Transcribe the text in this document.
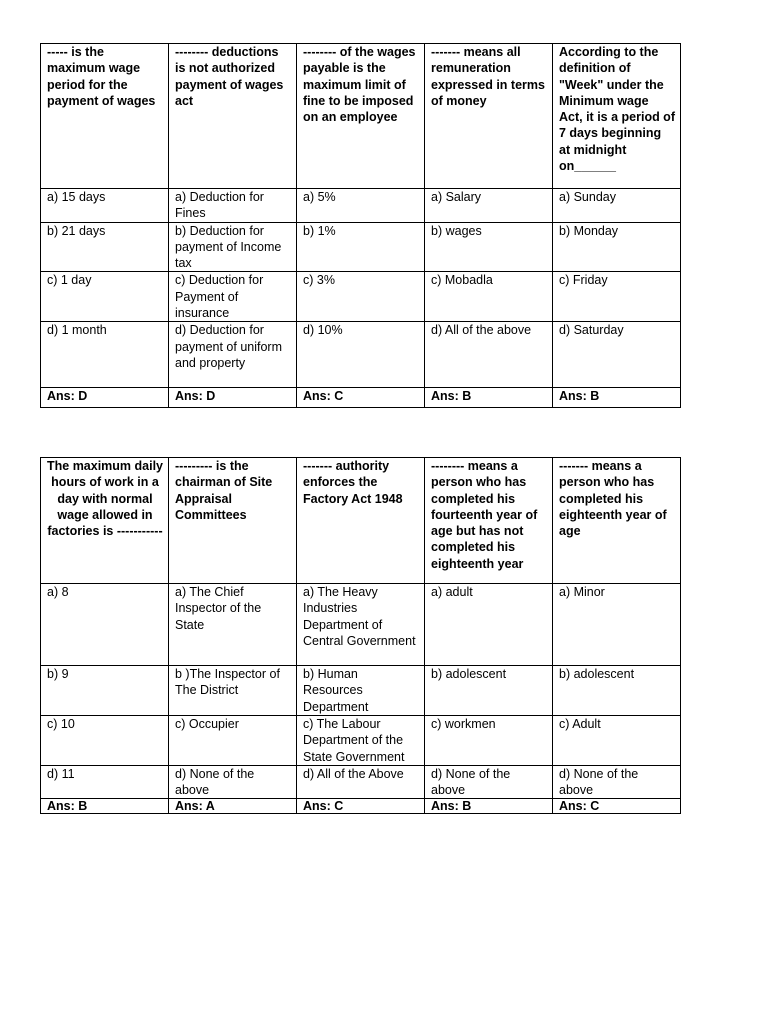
----- is the maximum wage period for the payment of wages	-------- deductions is not authorized payment of wages act	-------- of the wages payable is the maximum limit of fine to be imposed on an employee	------- means all remuneration expressed in terms of money	According to the definition of "Week" under the Minimum wage Act, it is a period of 7 days beginning at midnight on______
a) 15 days	a) Deduction for Fines	a) 5%	a) Salary	a) Sunday
b) 21 days	b) Deduction for payment of Income tax	b) 1%	b) wages	b) Monday
c) 1 day	c) Deduction for Payment of insurance	c) 3%	c) Mobadla	c) Friday
d) 1 month	d) Deduction for payment of uniform and property	d) 10%	d) All of the above	d) Saturday
Ans: D	Ans: D	Ans: C	Ans: B	Ans: B
The maximum daily hours of work in a day with normal wage allowed in factories is -----------	--------- is the chairman of Site Appraisal Committees	------- authority enforces the Factory Act 1948	-------- means a person who has completed his fourteenth year of age but has not completed his eighteenth year	------- means a person who has completed his eighteenth year of age
a) 8	a) The Chief Inspector of the State	a) The Heavy Industries Department of Central Government	a) adult	a) Minor
b) 9	b )The Inspector of The District	b) Human Resources Department	b) adolescent	b) adolescent
c) 10	c) Occupier	c) The Labour Department of the State Government	c) workmen	c) Adult
d) 11	d) None of the above	d) All of the Above	d) None of the above	d) None of the above
Ans: B	Ans: A	Ans: C	Ans: B	Ans: C
